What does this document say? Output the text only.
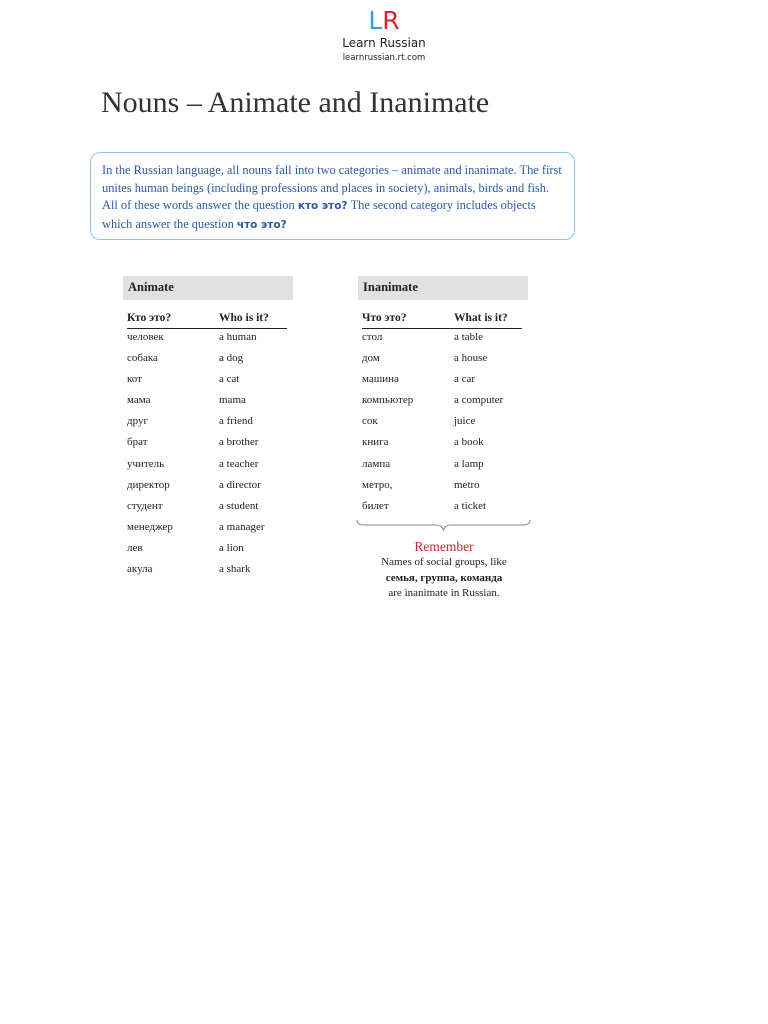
LR
Learn Russian
learnrussian.rt.com
Nouns – Animate and Inanimate
In the Russian language, all nouns fall into two categories – animate and inanimate. The first unites human beings (including professions and places in society), animals, birds and fish. All of these words answer the question кто это? The second category includes objects which answer the question что это?
Animate
Кто это?	Who is it?
человек	a human
собака	a dog
кот	a cat
мама	mama
друг	a friend
брат	a brother
учитель	a teacher
директор	a director
студент	a student
менеджер	a manager
лев	a lion
акула	a shark
Inanimate
Что это?	What is it?
стол	a table
дом	a house
машина	a car
компьютер	a computer
сок	juice
книга	a book
лампа	a lamp
метро,	metro
билет	a ticket
Remember
Names of social groups, like
семья, группа, команда
are inanimate in Russian.
